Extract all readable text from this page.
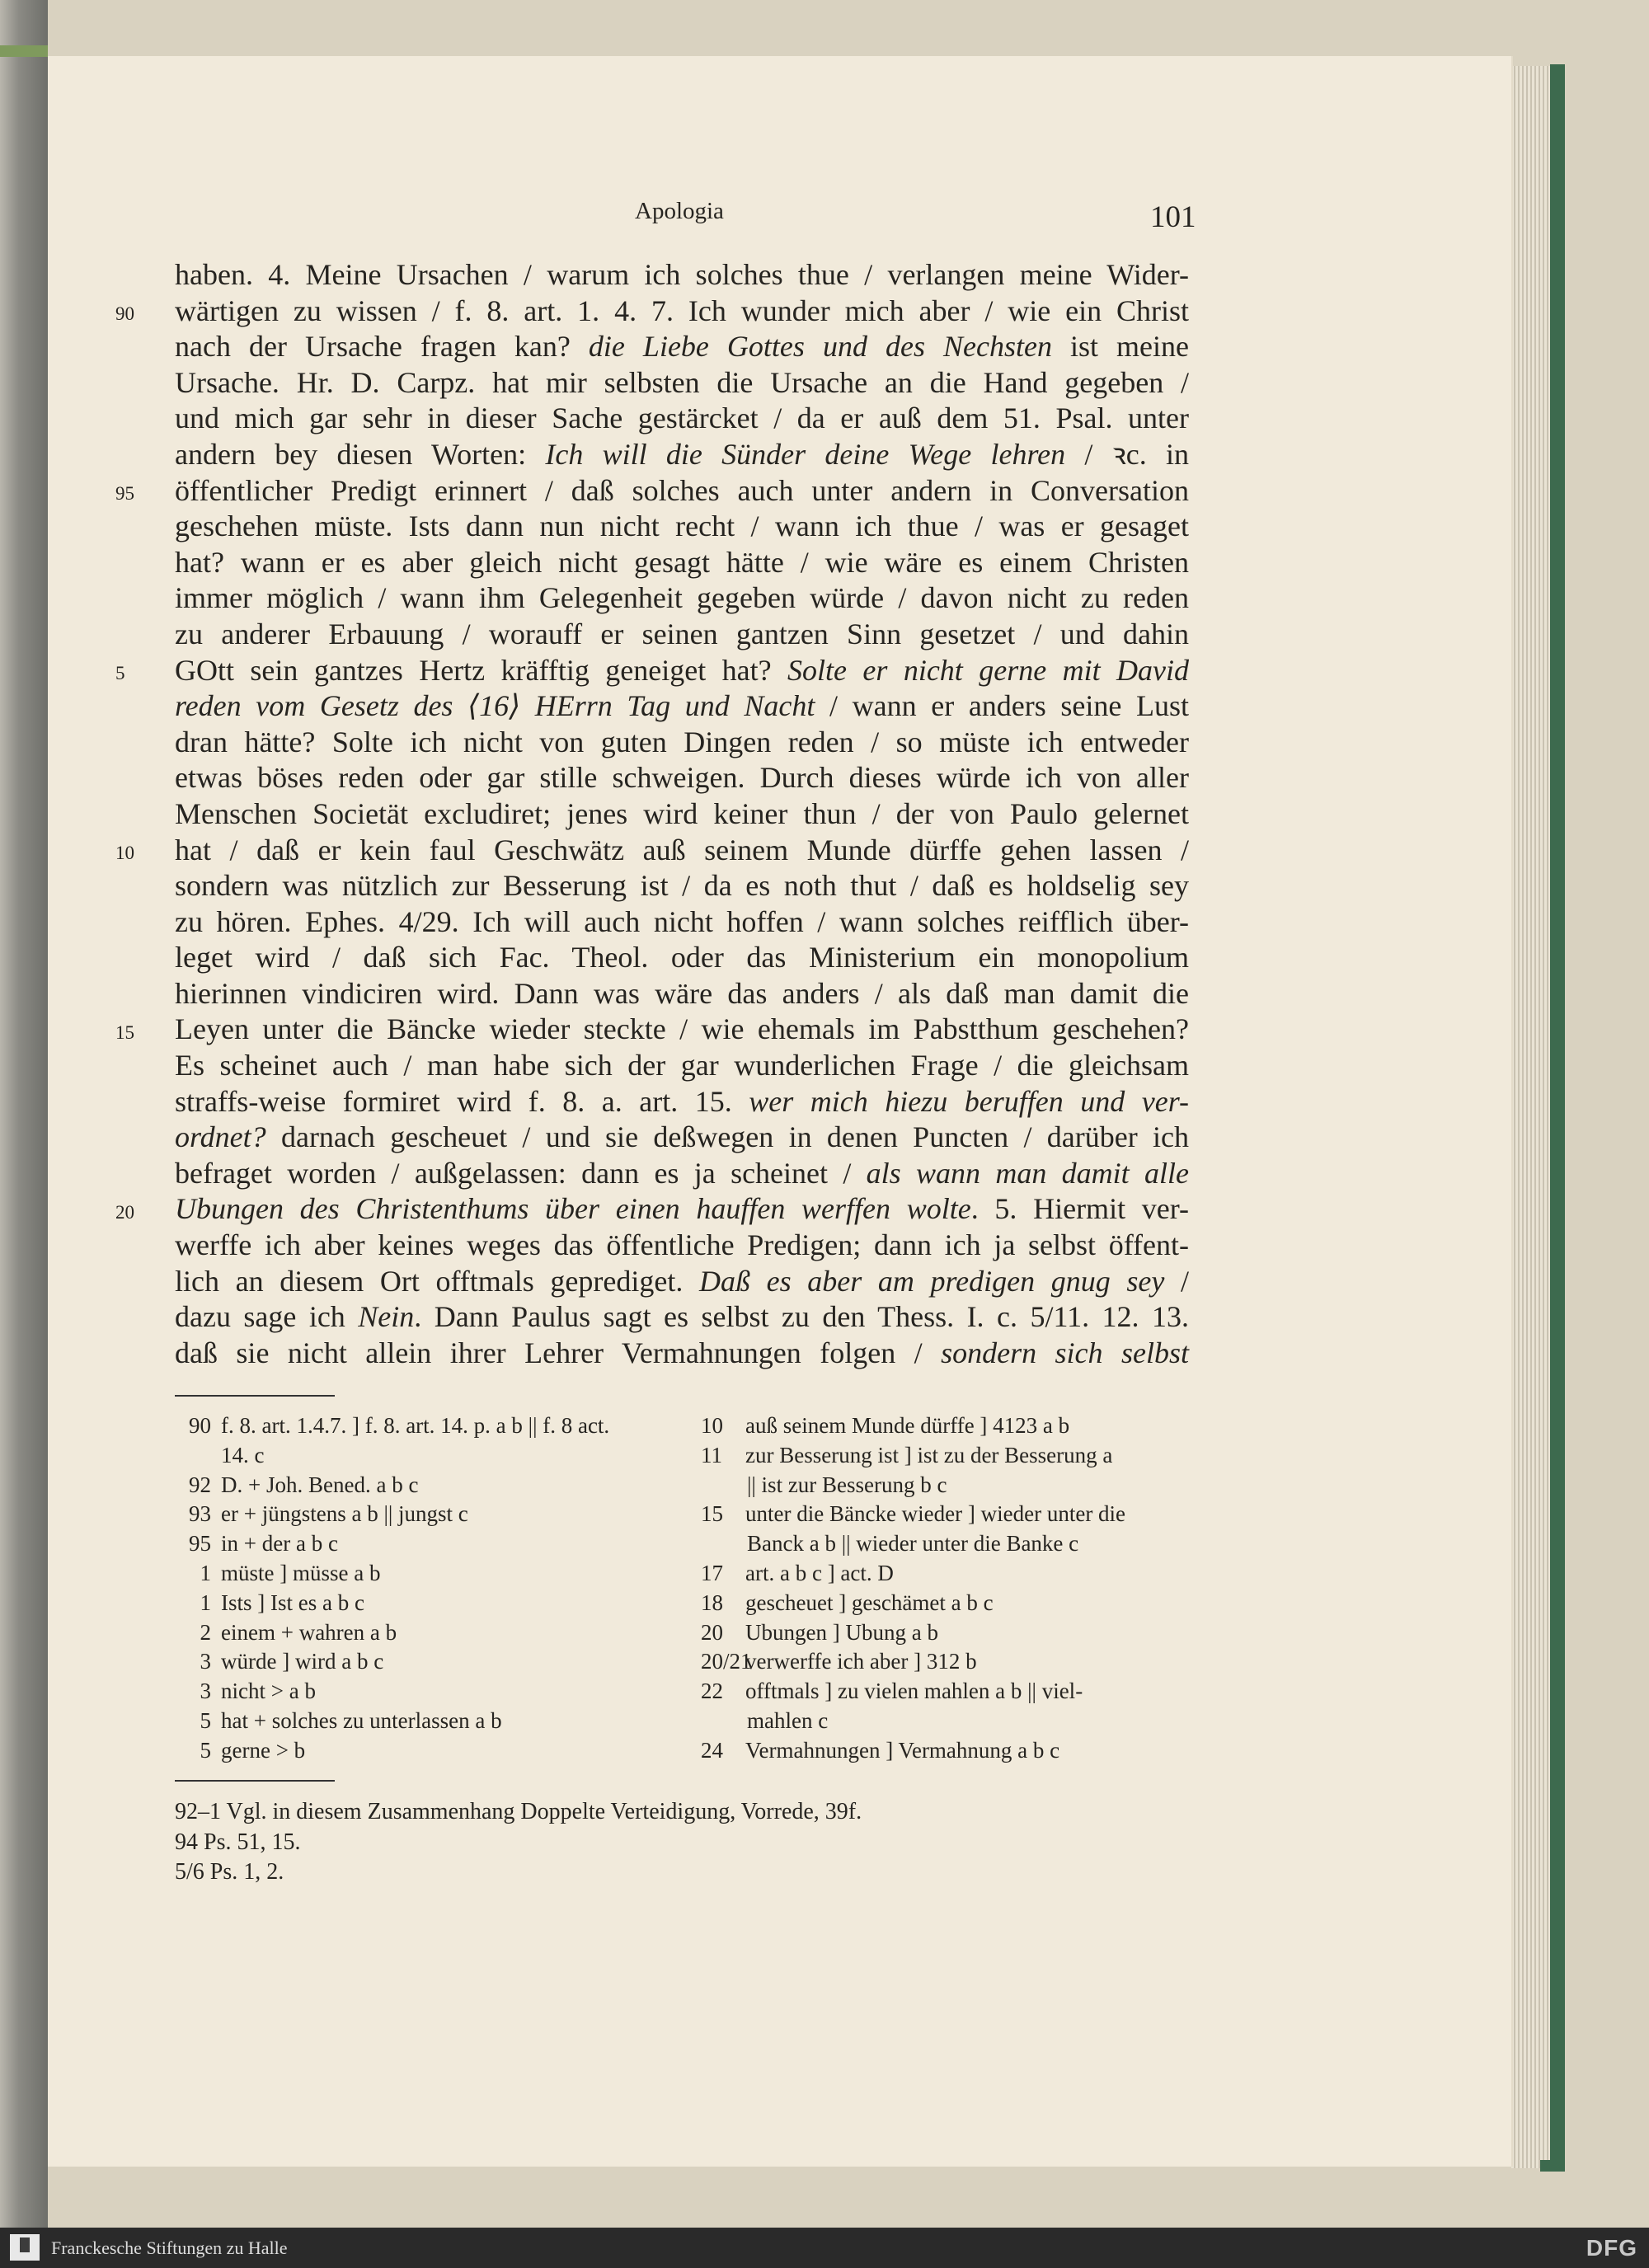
Apologia	101
haben. 4. Meine Ursachen / warum ich solches thue / verlangen meine Wider-
wärtigen zu wissen / f. 8. art. 1. 4. 7. Ich wunder mich aber / wie ein Christ
nach der Ursache fragen kan? die Liebe Gottes und des Nechsten ist meine
Ursache. Hr. D. Carpz. hat mir selbsten die Ursache an die Hand gegeben /
und mich gar sehr in dieser Sache gestärcket / da er auß dem 51. Psal. unter
andern bey diesen Worten: Ich will die Sünder deine Wege lehren / ꝛc. in
öffentlicher Predigt erinnert / daß solches auch unter andern in Conversation
geschehen müste. Ists dann nun nicht recht / wann ich thue / was er gesaget
hat? wann er es aber gleich nicht gesagt hätte / wie wäre es einem Christen
immer möglich / wann ihm Gelegenheit gegeben würde / davon nicht zu reden
zu anderer Erbauung / worauff er seinen gantzen Sinn gesetzet / und dahin
GOtt sein gantzes Hertz kräfftig geneiget hat? Solte er nicht gerne mit David
reden vom Gesetz des ⟨16⟩ HErrn Tag und Nacht / wann er anders seine Lust
dran hätte? Solte ich nicht von guten Dingen reden / so müste ich entweder
etwas böses reden oder gar stille schweigen. Durch dieses würde ich von aller
Menschen Societät excludiret; jenes wird keiner thun / der von Paulo gelernet
hat / daß er kein faul Geschwätz auß seinem Munde dürffe gehen lassen /
sondern was nützlich zur Besserung ist / da es noth thut / daß es holdselig sey
zu hören. Ephes. 4/29. Ich will auch nicht hoffen / wann solches reifflich über-
leget wird / daß sich Fac. Theol. oder das Ministerium ein monopolium
hierinnen vindiciren wird. Dann was wäre das anders / als daß man damit die
Leyen unter die Bäncke wieder steckte / wie ehemals im Pabstthum geschehen?
Es scheinet auch / man habe sich der gar wunderlichen Frage / die gleichsam
straffs-weise formiret wird f. 8. a. art. 15. wer mich hiezu beruffen und ver-
ordnet? darnach gescheuet / und sie deßwegen in denen Puncten / darüber ich
befraget worden / außgelassen: dann es ja scheinet / als wann man damit alle
Ubungen des Christenthums über einen hauffen werffen wolte. 5. Hiermit ver-
werffe ich aber keines weges das öffentliche Predigen; dann ich ja selbst öffent-
lich an diesem Ort offtmals geprediget. Daß es aber am predigen gnug sey /
dazu sage ich Nein. Dann Paulus sagt es selbst zu den Thess. I. c. 5/11. 12. 13.
daß sie nicht allein ihrer Lehrer Vermahnungen folgen / sondern sich selbst
90
95
5
10
15
20
90 f. 8. art. 1.4.7. ] f. 8. art. 14. p. a b || f. 8 act.
14. c
92 D. + Joh. Bened. a b c
93 er + jüngstens a b || jungst c
95 in + der a b c
1 müste ] müsse a b
1 Ists ] Ist es a b c
2 einem + wahren a b
3 würde ] wird a b c
3 nicht > a b
5 hat + solches zu unterlassen a b
5 gerne > b
10	auß seinem Munde dürffe ] 4123 a b
11	zur Besserung ist ] ist zu der Besserung a
|| ist zur Besserung b c
15	unter die Bäncke wieder ] wieder unter die
Banck a b || wieder unter die Banke c
17	art. a b c ] act. D
18	gescheuet ] geschämet a b c
20	Ubungen ] Ubung a b
20/21
verwerffe ich aber ] 312 b
22	offtmals ] zu vielen mahlen a b || viel-
mahlen c
24	Vermahnungen ] Vermahnung a b c
92–1 Vgl. in diesem Zusammenhang Doppelte Verteidigung, Vorrede, 39f.
94 Ps. 51, 15.
5/6 Ps. 1, 2.
Franckesche Stiftungen zu Halle	DFG
